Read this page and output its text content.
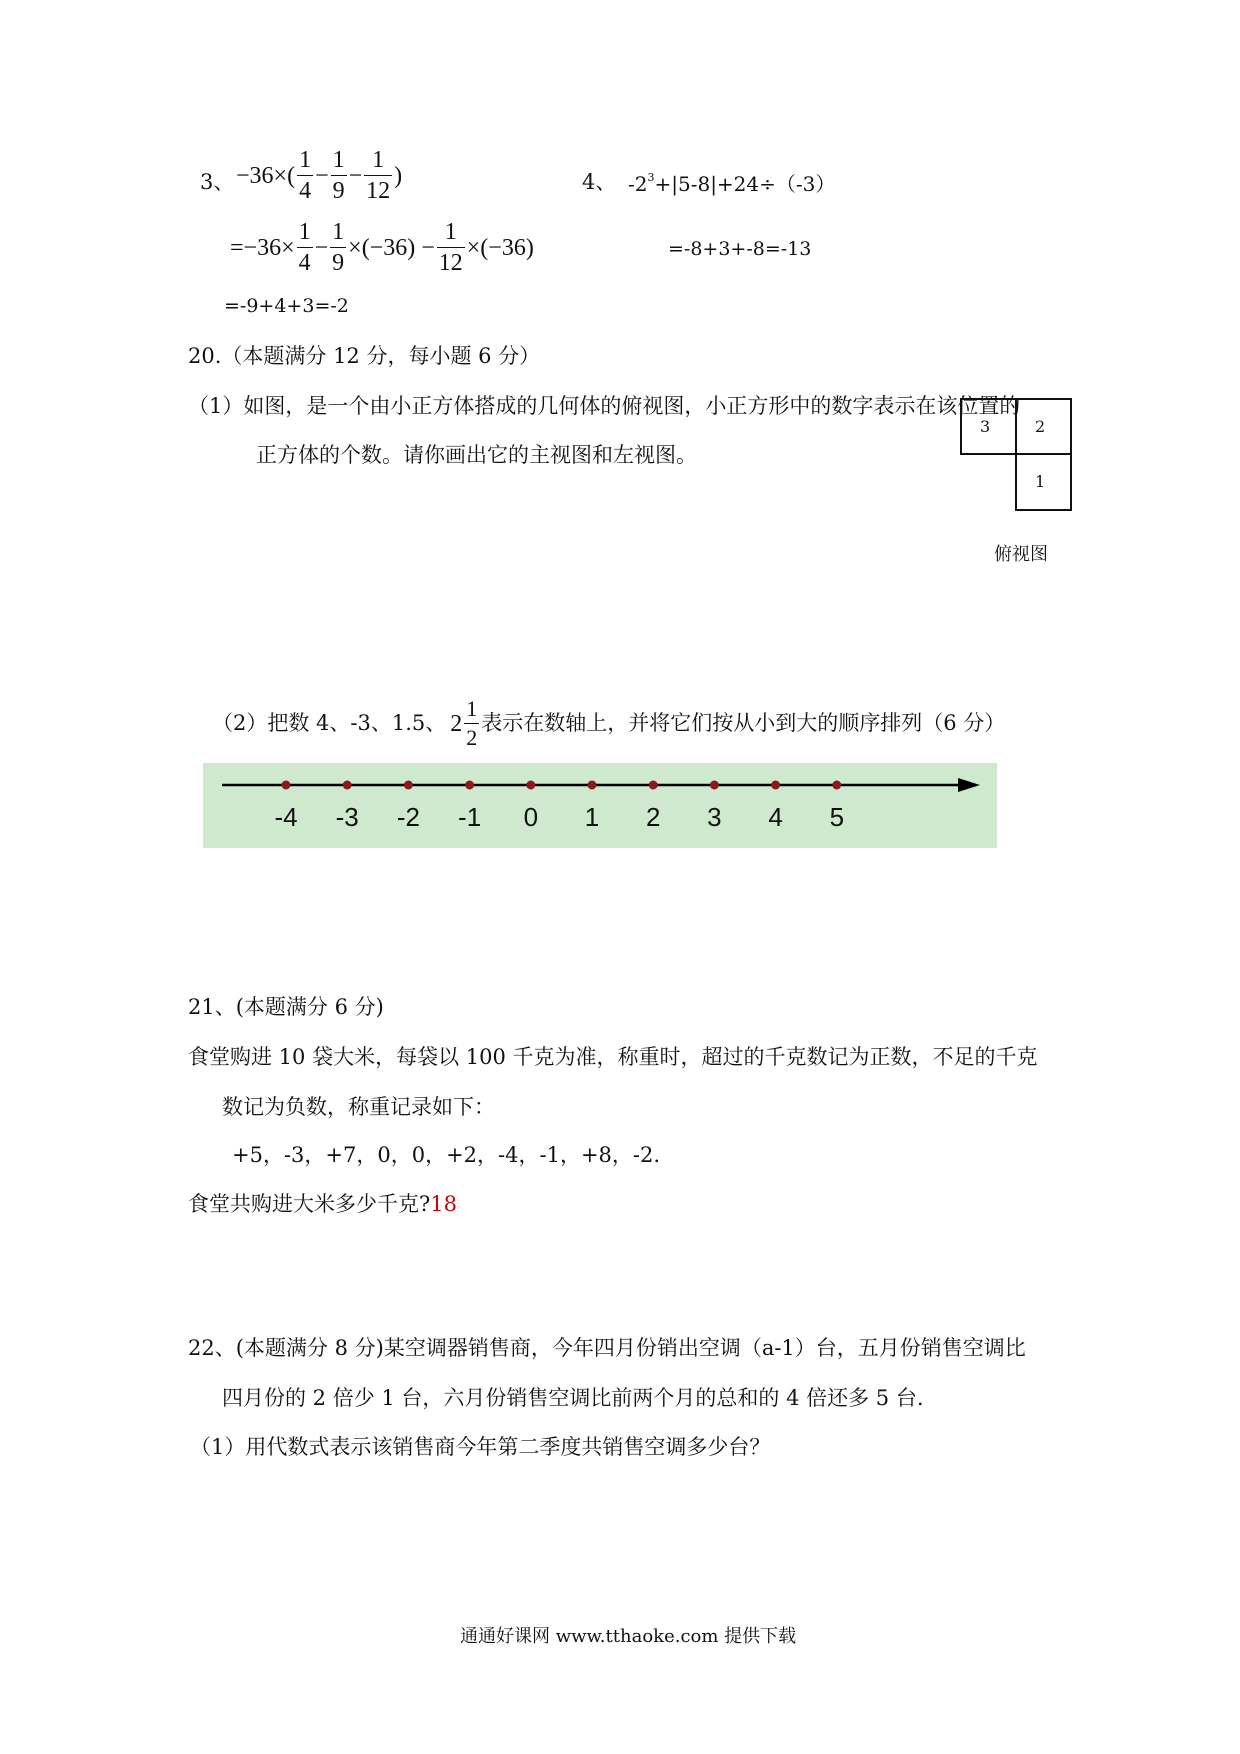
3、 $-36\times( \frac{1}{4} - \frac{1}{9} - \frac{1}{12}$ )
$=-36\times \frac{1}{4} - \frac{1}{9} \times(-36) - \frac{1}{12} \times(-36)$
=-9+4+3=-2
4、 $-2^3+|5-8|+24\div(-3)$
=-8+3+-8=-13
20.（本题满分 12 分，每小题 6 分）
（1）如图，是一个由小正方体搭成的几何体的俯视图，小正方形中的数字表示在该位置的
正方体的个数。请你画出它的主视图和左视图。
3	2
1
俯视图
（2）把数 4、-3、1.5、 $2 \frac{1}{2}$ 表示在数轴上，并将它们按从小到大的顺序排列（6 分）
-4 -3 -2 -1 0 1 2 3 4 5
21、(本题满分 6 分)
食堂购进 10 袋大米，每袋以 100 千克为准，称重时，超过的千克数记为正数，不足的千克
数记为负数，称重记录如下：
+5，-3，+7，0，0，+2，-4，-1，+8，-2.
食堂共购进大米多少千克?18
22、(本题满分 8 分)某空调器销售商，今年四月份销出空调（a-1）台，五月份销售空调比
四月份的 2 倍少 1 台，六月份销售空调比前两个月的总和的 4 倍还多 5 台.
（1）用代数式表示该销售商今年第二季度共销售空调多少台？
通通好课网 www.tthaoke.com 提供下载
